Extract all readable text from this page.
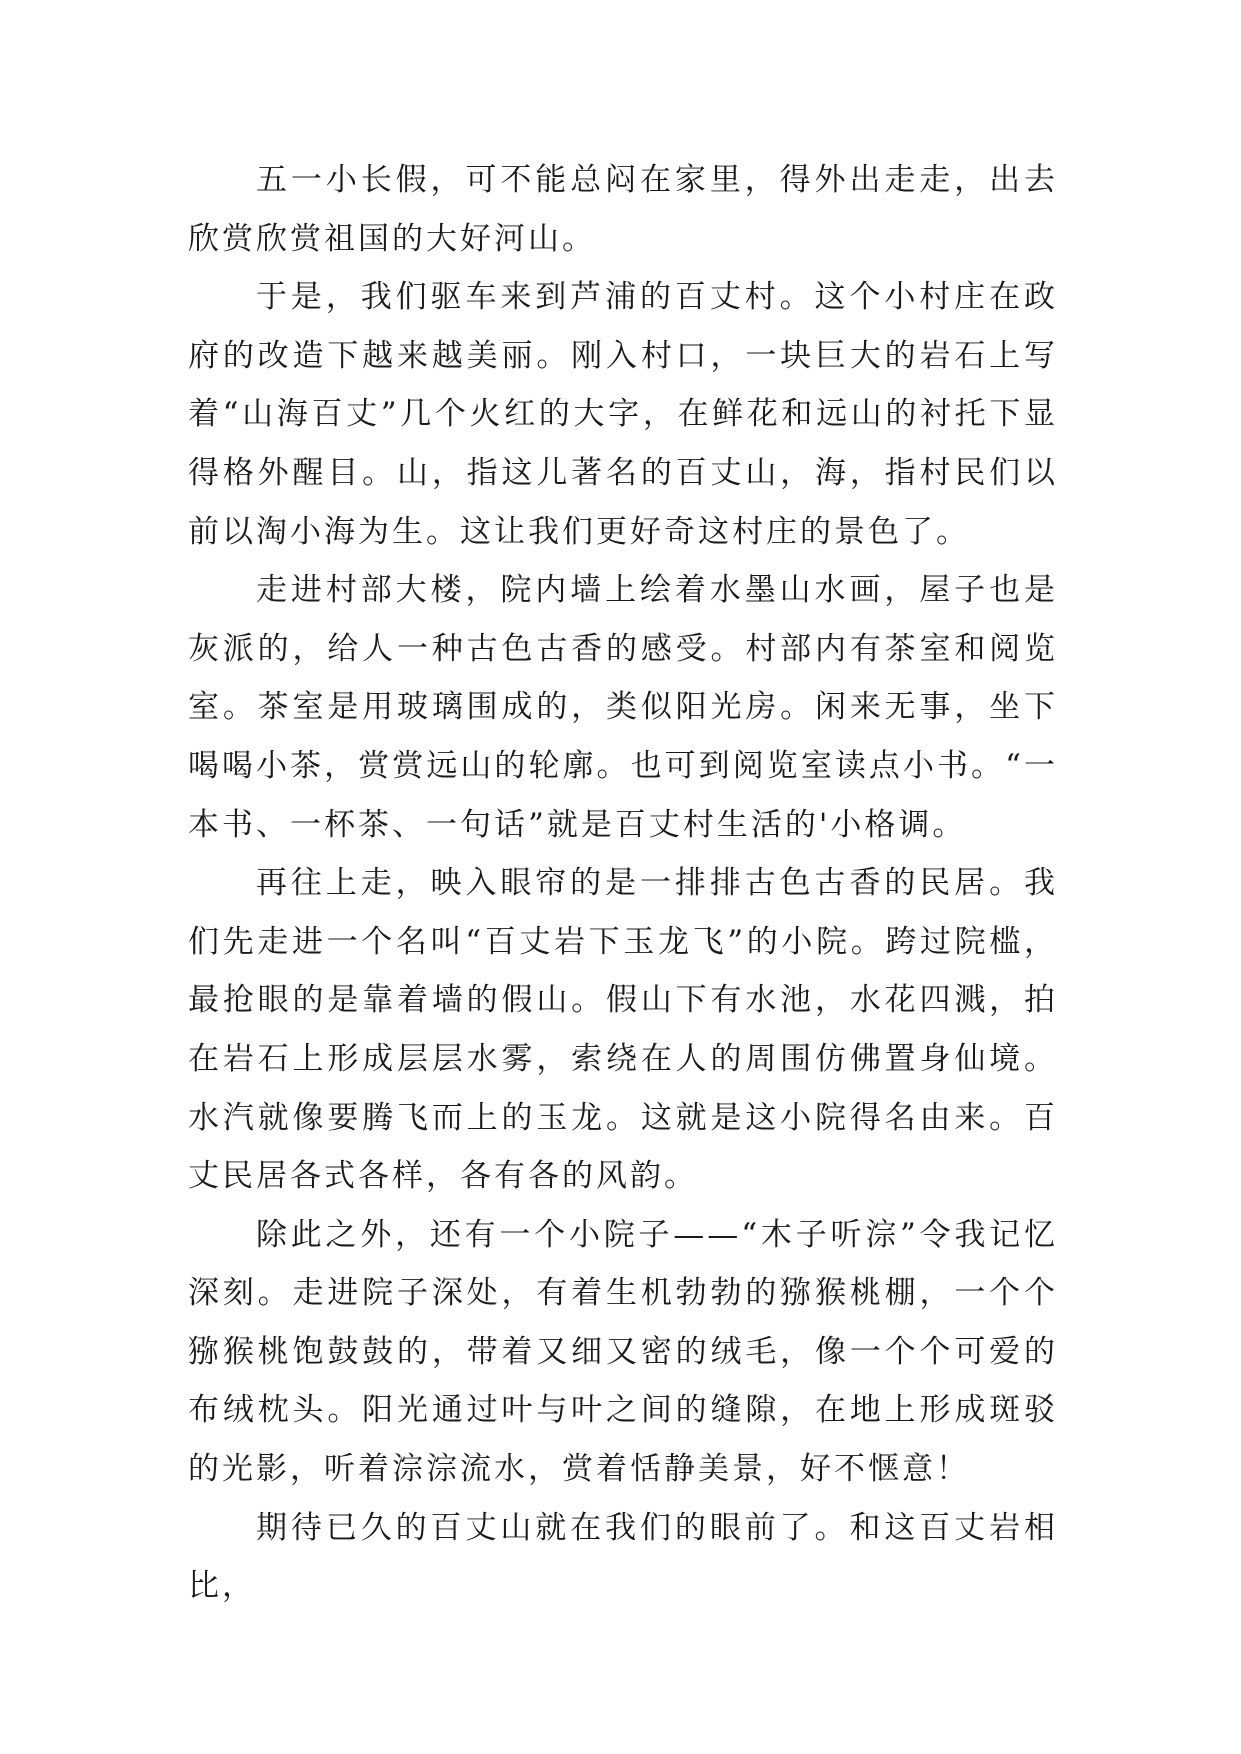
五一小长假，可不能总闷在家里，得外出走走，出去欣赏欣赏祖国的大好河山。

于是，我们驱车来到芦浦的百丈村。这个小村庄在政府的改造下越来越美丽。刚入村口，一块巨大的岩石上写着“山海百丈”几个火红的大字，在鲜花和远山的衬托下显得格外醒目。山，指这儿著名的百丈山，海，指村民们以前以淘小海为生。这让我们更好奇这村庄的景色了。

走进村部大楼，院内墙上绘着水墨山水画，屋子也是灰派的，给人一种古色古香的感受。村部内有茶室和阅览室。茶室是用玻璃围成的，类似阳光房。闲来无事，坐下喝喝小茶，赏赏远山的轮廓。也可到阅览室读点小书。“一本书、一杯茶、一句话”就是百丈村生活的'小格调。

再往上走，映入眼帘的是一排排古色古香的民居。我们先走进一个名叫“百丈岩下玉龙飞”的小院。跨过院槛，最抢眼的是靠着墙的假山。假山下有水池，水花四溅，拍在岩石上形成层层水雾，索绕在人的周围仿佛置身仙境。水汽就像要腾飞而上的玉龙。这就是这小院得名由来。百丈民居各式各样，各有各的风韵。

除此之外，还有一个小院子——“木子听淙”令我记忆深刻。走进院子深处，有着生机勃勃的猕猴桃棚，一个个猕猴桃饱鼓鼓的，带着又细又密的绒毛，像一个个可爱的布绒枕头。阳光通过叶与叶之间的缝隙，在地上形成斑驳的光影，听着淙淙流水，赏着恬静美景，好不惬意！

期待已久的百丈山就在我们的眼前了。和这百丈岩相比，
